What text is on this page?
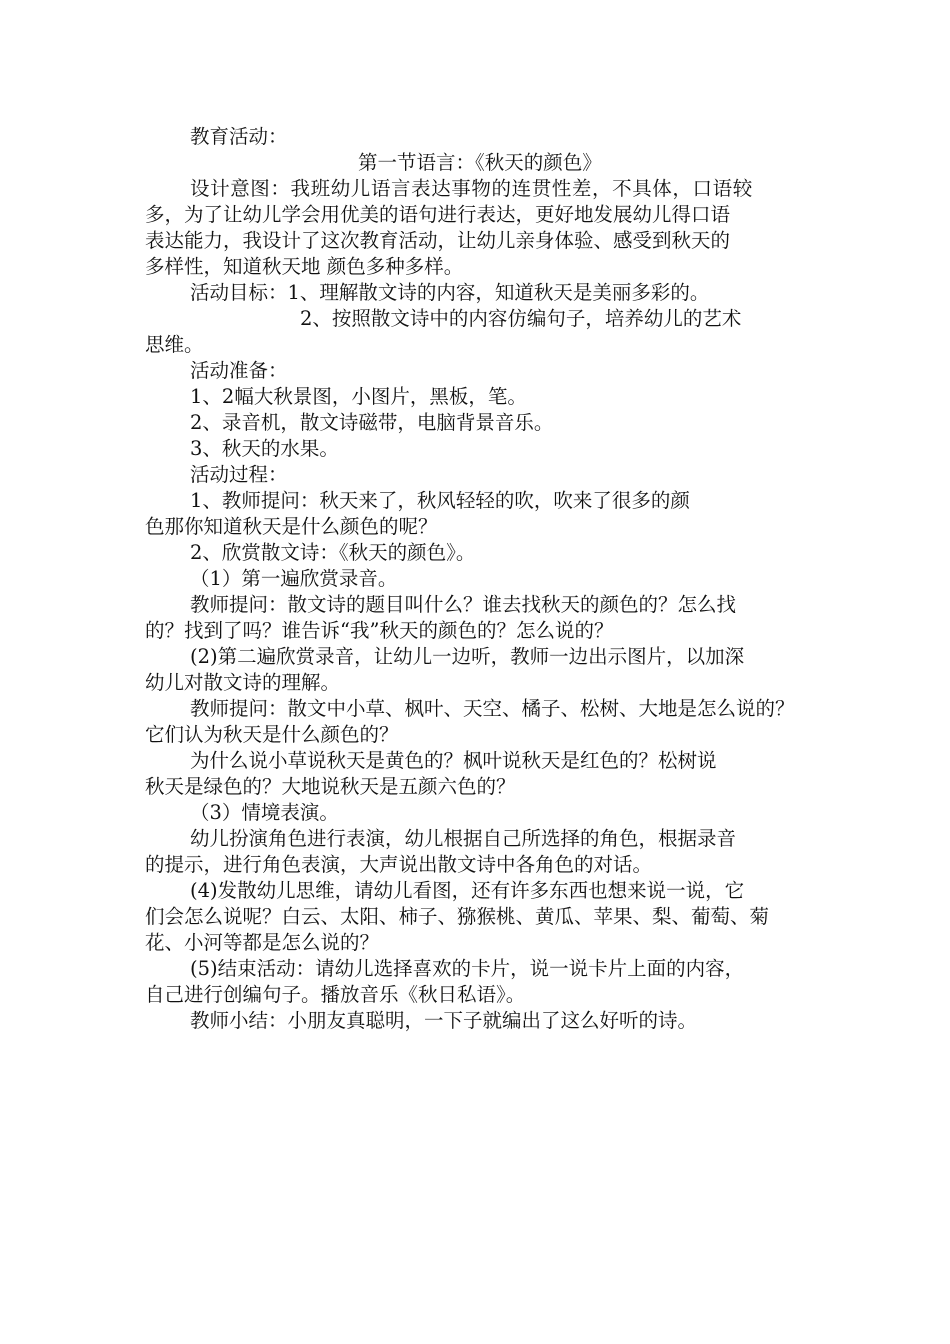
教育活动：
第一节语言：《秋天的颜色》
设计意图：我班幼儿语言表达事物的连贯性差，不具体，口语较
多，为了让幼儿学会用优美的语句进行表达，更好地发展幼儿得口语
表达能力，我设计了这次教育活动，让幼儿亲身体验、感受到秋天的
多样性，知道秋天地 颜色多种多样。
活动目标：1、理解散文诗的内容，知道秋天是美丽多彩的。
2、按照散文诗中的内容仿编句子，培养幼儿的艺术
思维。
活动准备：
1、2幅大秋景图，小图片，黑板，笔。
2、录音机，散文诗磁带，电脑背景音乐。
3、秋天的水果。
活动过程：
1、教师提问：秋天来了，秋风轻轻的吹，吹来了很多的颜
色那你知道秋天是什么颜色的呢？
2、欣赏散文诗：《秋天的颜色》。
（1）第一遍欣赏录音。
教师提问：散文诗的题目叫什么？谁去找秋天的颜色的？怎么找
的？找到了吗？谁告诉“我”秋天的颜色的？怎么说的？
(2)第二遍欣赏录音，让幼儿一边听，教师一边出示图片，以加深
幼儿对散文诗的理解。
教师提问：散文中小草、枫叶、天空、橘子、松树、大地是怎么说的？
它们认为秋天是什么颜色的？
为什么说小草说秋天是黄色的？枫叶说秋天是红色的？松树说
秋天是绿色的？大地说秋天是五颜六色的？
（3）情境表演。
幼儿扮演角色进行表演，幼儿根据自己所选择的角色，根据录音
的提示，进行角色表演，大声说出散文诗中各角色的对话。
(4)发散幼儿思维，请幼儿看图，还有许多东西也想来说一说，它
们会怎么说呢？白云、太阳、柿子、猕猴桃、黄瓜、苹果、梨、葡萄、菊
花、小河等都是怎么说的？
(5)结束活动：请幼儿选择喜欢的卡片，说一说卡片上面的内容，
自己进行创编句子。播放音乐《秋日私语》。
教师小结：小朋友真聪明，一下子就编出了这么好听的诗。
